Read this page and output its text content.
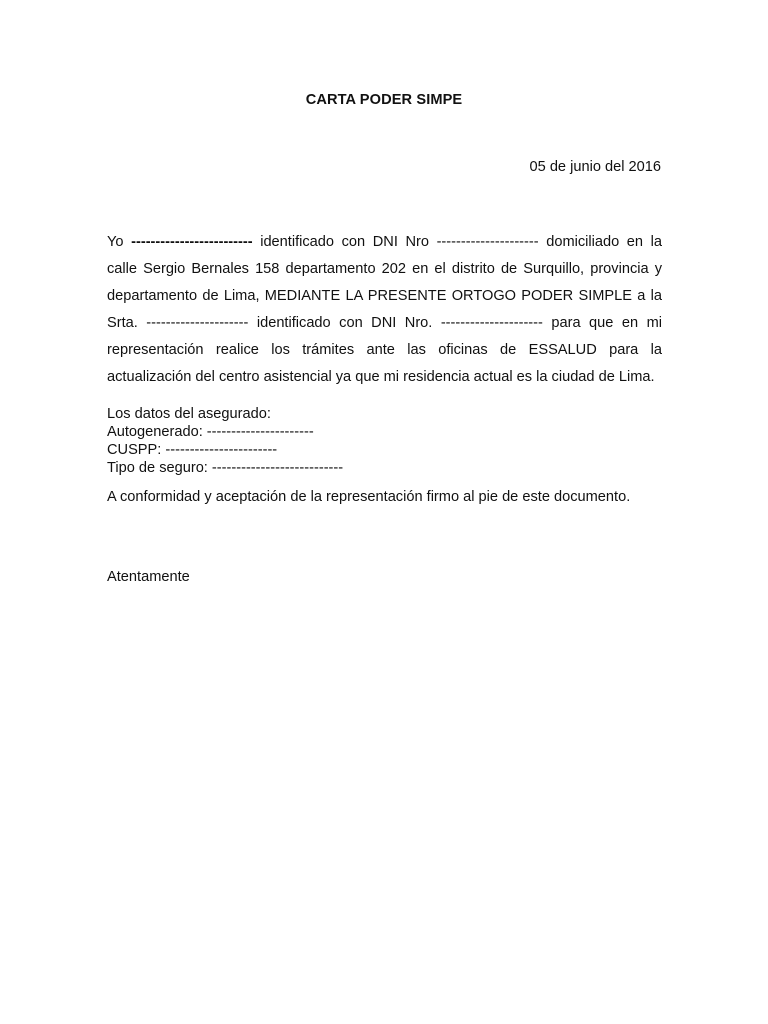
CARTA PODER SIMPE
05 de junio del 2016
Yo ------------------------- identificado con DNI Nro --------------------- domiciliado en la calle Sergio Bernales 158 departamento 202 en el distrito de Surquillo, provincia y departamento de Lima, MEDIANTE LA PRESENTE ORTOGO PODER SIMPLE a la Srta. --------------------- identificado con DNI Nro. --------------------- para que en mi representación realice los trámites ante las oficinas de ESSALUD para la actualización del centro asistencial ya que mi residencia actual es la ciudad de Lima.
Los datos del asegurado:
Autogenerado: ----------------------
CUSPP: -----------------------
Tipo de seguro: ---------------------------
A conformidad y aceptación de la representación firmo al pie de este documento.
Atentamente
